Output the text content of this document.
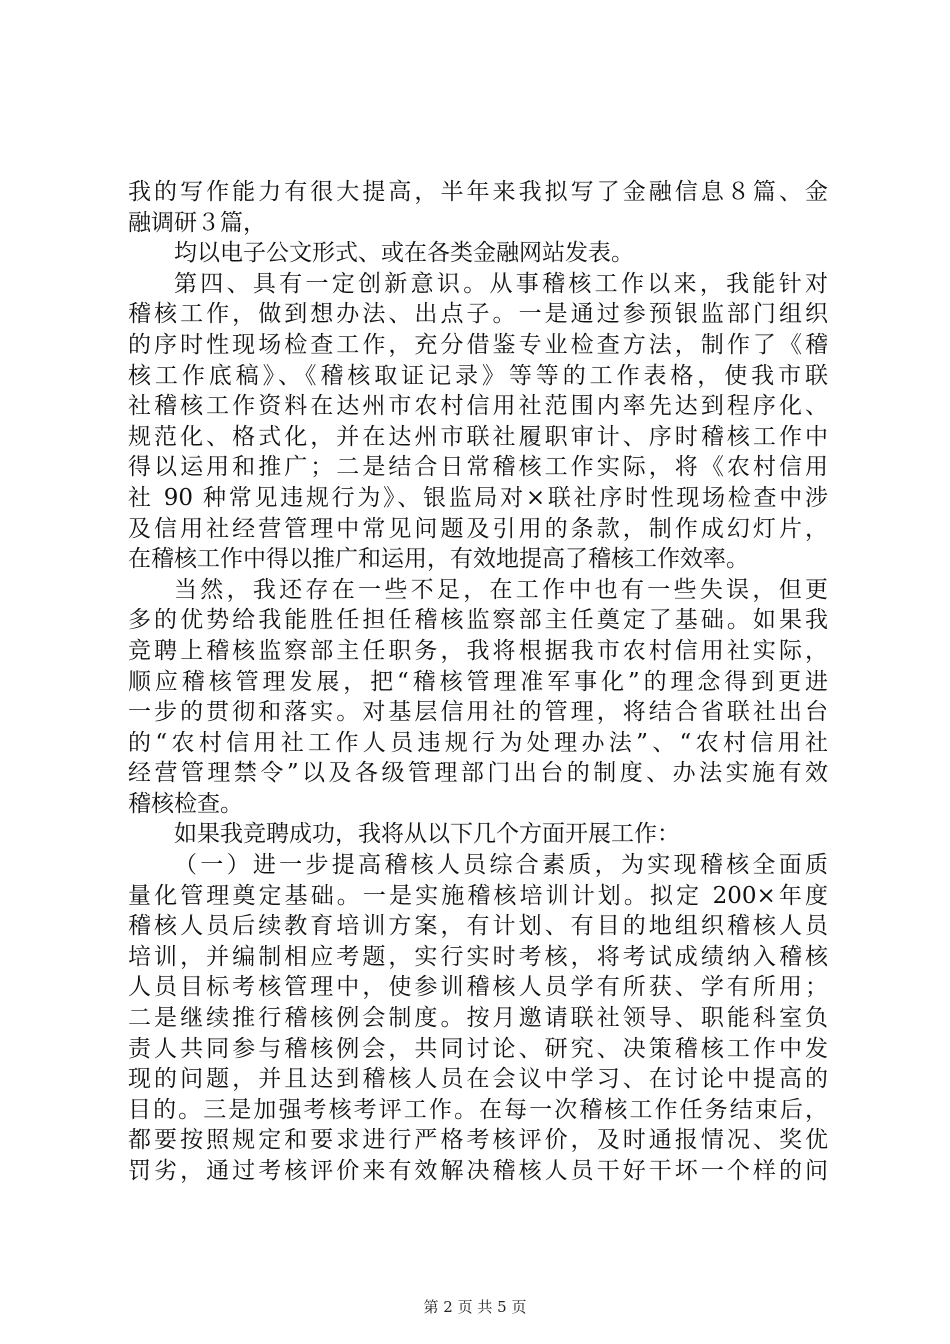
我的写作能力有很大提高，半年来我拟写了金融信息８篇、金
融调研３篇，
均以电子公文形式、或在各类金融网站发表。
第四、具有一定创新意识。从事稽核工作以来，我能针对
稽核工作，做到想办法、出点子。一是通过参预银监部门组织
的序时性现场检查工作，充分借鉴专业检查方法，制作了《稽
核工作底稿》、《稽核取证记录》等等的工作表格，使我市联
社稽核工作资料在达州市农村信用社范围内率先达到程序化、
规范化、格式化，并在达州市联社履职审计、序时稽核工作中
得以运用和推广；二是结合日常稽核工作实际，将《农村信用
社 90 种常见违规行为》、银监局对×联社序时性现场检查中涉
及信用社经营管理中常见问题及引用的条款，制作成幻灯片，
在稽核工作中得以推广和运用，有效地提高了稽核工作效率。
当然，我还存在一些不足，在工作中也有一些失误，但更
多的优势给我能胜任担任稽核监察部主任奠定了基础。如果我
竞聘上稽核监察部主任职务，我将根据我市农村信用社实际，
顺应稽核管理发展，把“稽核管理准军事化”的理念得到更进
一步的贯彻和落实。对基层信用社的管理，将结合省联社出台
的“农村信用社工作人员违规行为处理办法”、“农村信用社
经营管理禁令”以及各级管理部门出台的制度、办法实施有效
稽核检查。
如果我竞聘成功，我将从以下几个方面开展工作：
（一）进一步提高稽核人员综合素质，为实现稽核全面质
量化管理奠定基础。一是实施稽核培训计划。拟定 200×年度
稽核人员后续教育培训方案，有计划、有目的地组织稽核人员
培训，并编制相应考题，实行实时考核，将考试成绩纳入稽核
人员目标考核管理中，使参训稽核人员学有所获、学有所用；
二是继续推行稽核例会制度。按月邀请联社领导、职能科室负
责人共同参与稽核例会，共同讨论、研究、决策稽核工作中发
现的问题，并且达到稽核人员在会议中学习、在讨论中提高的
目的。三是加强考核考评工作。在每一次稽核工作任务结束后，
都要按照规定和要求进行严格考核评价，及时通报情况、奖优
罚劣，通过考核评价来有效解决稽核人员干好干坏一个样的问
第 2 页 共 5 页
